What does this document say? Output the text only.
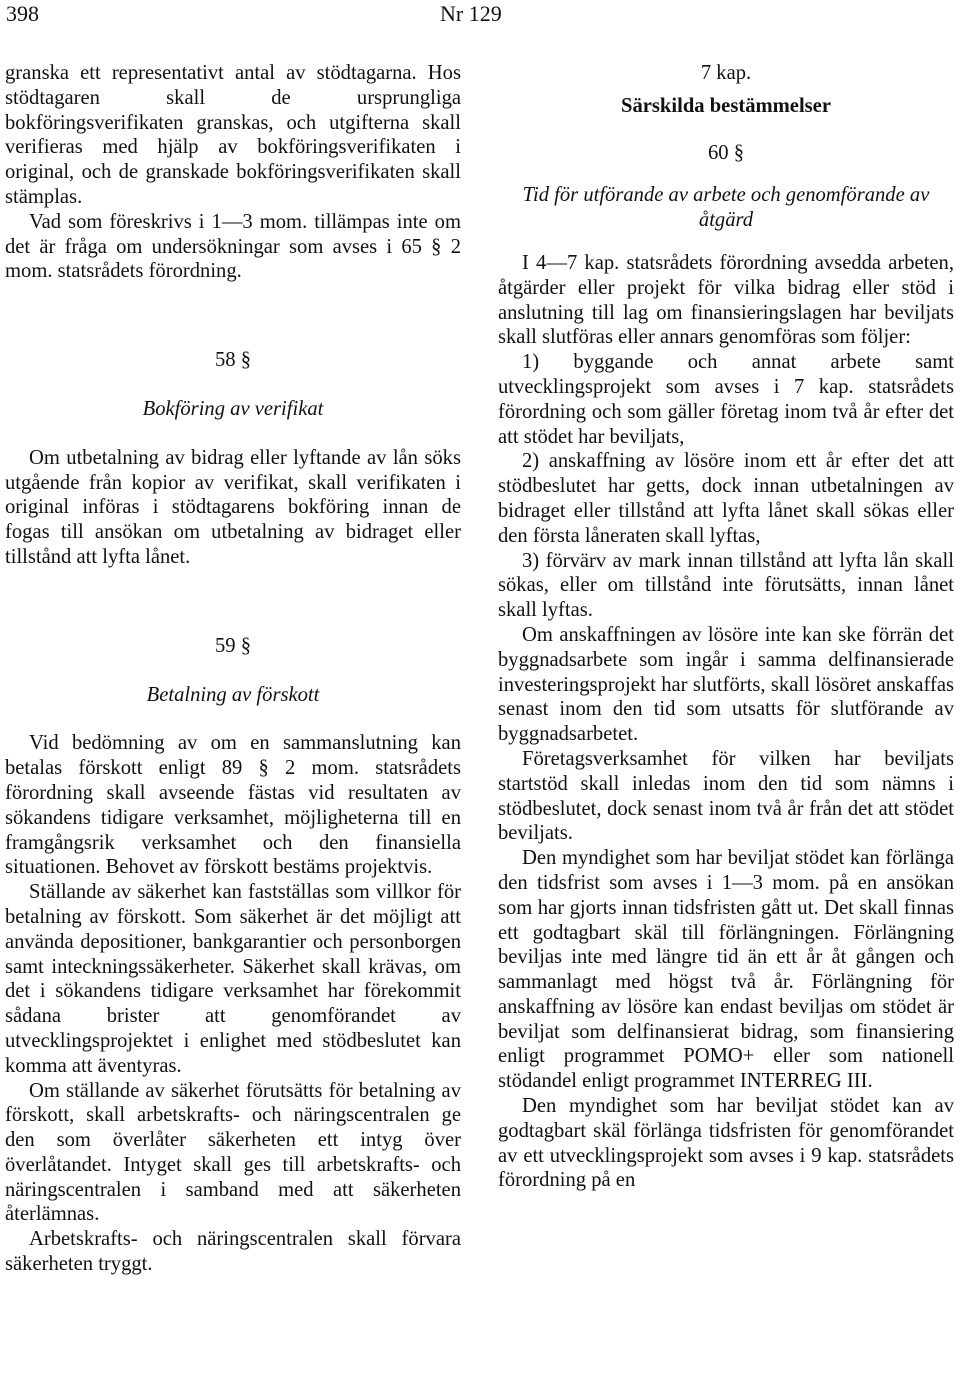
398	Nr 129

granska ett representativt antal av stödtagarna. Hos stödtagaren skall de ursprungliga bokföringsverifikaten granskas, och utgifterna skall verifieras med hjälp av bokföringsverifikaten i original, och de granskade bokföringsverifikaten skall stämplas.

Vad som föreskrivs i 1—3 mom. tillämpas inte om det är fråga om undersökningar som avses i 65 § 2 mom. statsrådets förordning.

58 §

Bokföring av verifikat

Om utbetalning av bidrag eller lyftande av lån söks utgående från kopior av verifikat, skall verifikaten i original införas i stödtagarens bokföring innan de fogas till ansökan om utbetalning av bidraget eller tillstånd att lyfta lånet.

59 §

Betalning av förskott

Vid bedömning av om en sammanslutning kan betalas förskott enligt 89 § 2 mom. statsrådets förordning skall avseende fästas vid resultaten av sökandens tidigare verksamhet, möjligheterna till en framgångsrik verksamhet och den finansiella situationen. Behovet av förskott bestäms projektvis.

Ställande av säkerhet kan fastställas som villkor för betalning av förskott. Som säkerhet är det möjligt att använda depositioner, bankgarantier och personborgen samt inteckningssäkerheter. Säkerhet skall krävas, om det i sökandens tidigare verksamhet har förekommit sådana brister att genomförandet av utvecklingsprojektet i enlighet med stödbeslutet kan komma att äventyras.

Om ställande av säkerhet förutsätts för betalning av förskott, skall arbetskrafts- och näringscentralen ge den som överlåter säkerheten ett intyg över överlåtandet. Intyget skall ges till arbetskrafts- och näringscentralen i samband med att säkerheten återlämnas.

Arbetskrafts- och näringscentralen skall förvara säkerheten tryggt.

7 kap.

Särskilda bestämmelser

60 §

Tid för utförande av arbete och genomförande av åtgärd

I 4—7 kap. statsrådets förordning avsedda arbeten, åtgärder eller projekt för vilka bidrag eller stöd i anslutning till lag om finansieringslagen har beviljats skall slutföras eller annars genomföras som följer:

1) byggande och annat arbete samt utvecklingsprojekt som avses i 7 kap. statsrådets förordning och som gäller företag inom två år efter det att stödet har beviljats,

2) anskaffning av lösöre inom ett år efter det att stödbeslutet har getts, dock innan utbetalningen av bidraget eller tillstånd att lyfta lånet skall sökas eller den första låneraten skall lyftas,

3) förvärv av mark innan tillstånd att lyfta lån skall sökas, eller om tillstånd inte förutsätts, innan lånet skall lyftas.

Om anskaffningen av lösöre inte kan ske förrän det byggnadsarbete som ingår i samma delfinansierade investeringsprojekt har slutförts, skall lösöret anskaffas senast inom den tid som utsatts för slutförande av byggnadsarbetet.

Företagsverksamhet för vilken har beviljats startstöd skall inledas inom den tid som nämns i stödbeslutet, dock senast inom två år från det att stödet beviljats.

Den myndighet som har beviljat stödet kan förlänga den tidsfrist som avses i 1—3 mom. på en ansökan som har gjorts innan tidsfristen gått ut. Det skall finnas ett godtagbart skäl till förlängningen. Förlängning beviljas inte med längre tid än ett år åt gången och sammanlagt med högst två år. Förlängning för anskaffning av lösöre kan endast beviljas om stödet är beviljat som delfinansierat bidrag, som finansiering enligt programmet POMO+ eller som nationell stödandel enligt programmet INTERREG III.

Den myndighet som har beviljat stödet kan av godtagbart skäl förlänga tidsfristen för genomförandet av ett utvecklingsprojekt som avses i 9 kap. statsrådets förordning på en
